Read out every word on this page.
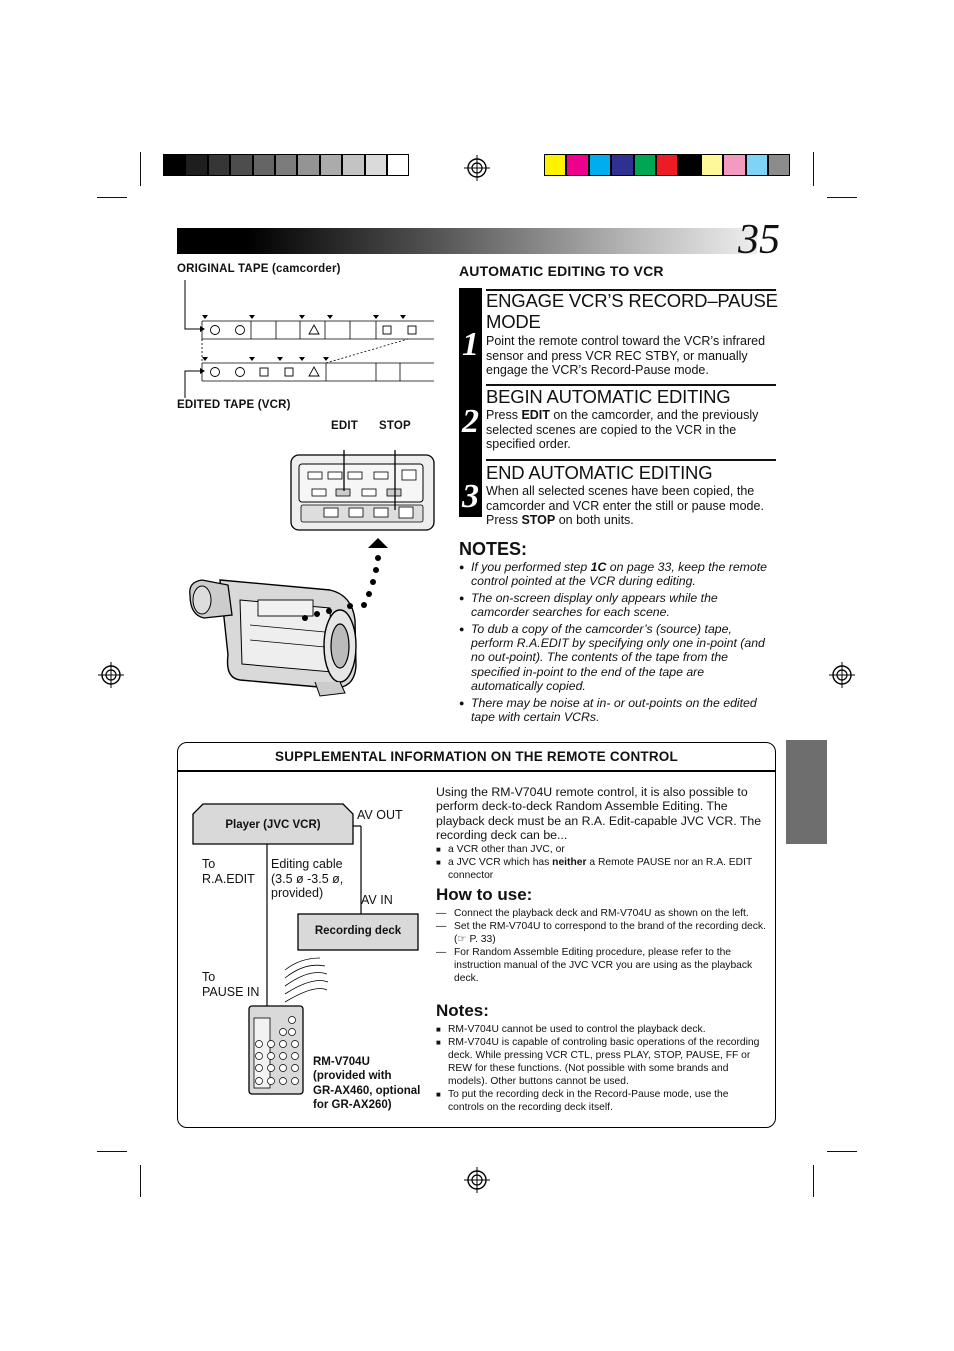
35
ORIGINAL TAPE (camcorder)
EDITED TAPE (VCR)
EDIT STOP
AUTOMATIC EDITING TO VCR
1
2
3
ENGAGE VCR’S RECORD–PAUSE MODE
Point the remote control toward the VCR’s infrared sensor and press VCR REC STBY, or manually engage the VCR’s Record-Pause mode.
BEGIN AUTOMATIC EDITING
Press EDIT on the camcorder, and the previously selected scenes are copied to the VCR in the specified order.
END AUTOMATIC EDITING
When all selected scenes have been copied, the camcorder and VCR enter the still or pause mode. Press STOP on both units.
NOTES:
● If you performed step 1C on page 33, keep the remote control pointed at the VCR during editing.
● The on-screen display only appears while the camcorder searches for each scene.
● To dub a copy of the camcorder’s (source) tape, perform R.A.EDIT by specifying only one in-point (and no out-point). The contents of the tape from the specified in-point to the end of the tape are automatically copied.
● There may be noise at in- or out-points on the edited tape with certain VCRs.
SUPPLEMENTAL INFORMATION ON THE REMOTE CONTROL
Player (JVC VCR)
AV OUT
To
R.A.EDIT
Editing cable
(3.5 ø -3.5 ø,
provided)	AV IN
Recording deck
To
PAUSE IN
RM-V704U
(provided with
GR-AX460, optional
for GR-AX260)
Using the RM-V704U remote control, it is also possible to perform deck-to-deck Random Assemble Editing. The playback deck must be an R.A. Edit-capable JVC VCR. The recording deck can be...
■ a VCR other than JVC, or
■ a JVC VCR which has neither a Remote PAUSE nor an R.A. EDIT connector
How to use:
— Connect the playback deck and RM-V704U as shown on the left.
— Set the RM-V704U to correspond to the brand of the recording deck. (☞ P. 33)
— For Random Assemble Editing procedure, please refer to the instruction manual of the JVC VCR you are using as the playback deck.
Notes:
■ RM-V704U cannot be used to control the playback deck.
■ RM-V704U is capable of controling basic operations of the recording deck. While pressing VCR CTL, press PLAY, STOP, PAUSE, FF or REW for these functions. (Not possible with some brands and models). Other buttons cannot be used.
■ To put the recording deck in the Record-Pause mode, use the controls on the recording deck itself.
